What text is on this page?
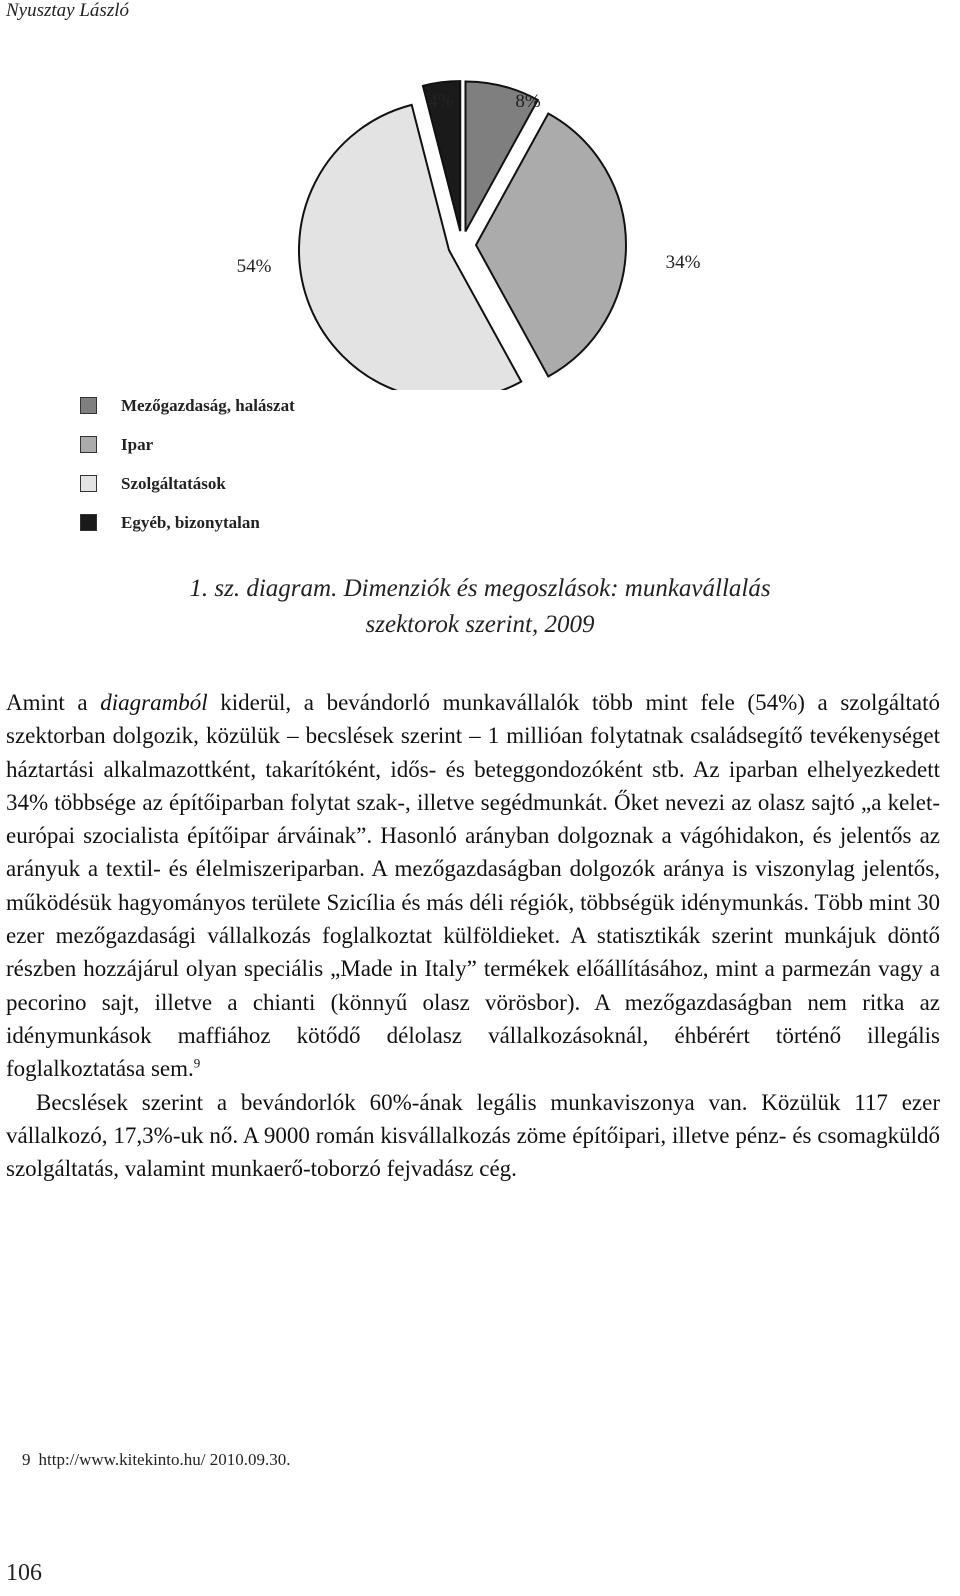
Nyusztay László
8%
34%
54%
4%
Mezőgazdaság, halászat
Ipar
Szolgáltatások
Egyéb, bizonytalan
1. sz. diagram. Dimenziók és megoszlások: munkavállalás
szektorok szerint, 2009

Amint a diagramból kiderül, a bevándorló munkavállalók több mint fele (54%) a szolgáltató szektorban dolgozik, közülük – becslések szerint – 1 millióan folytatnak családsegítő tevékenységet háztartási alkalmazottként, takarítóként, idős- és beteggondozóként stb. Az iparban elhelyezkedett 34% többsége az építőiparban folytat szak-, illetve segédmunkát. Őket nevezi az olasz sajtó „a kelet-európai szocialista építőipar árváinak”. Hasonló arányban dolgoznak a vágóhidakon, és jelentős az arányuk a textil- és élelmiszeriparban. A mezőgazdaságban dolgozók aránya is viszonylag jelentős, működésük hagyományos területe Szicília és más déli régiók, többségük idénymunkás. Több mint 30 ezer mezőgazdasági vállalkozás foglalkoztat külföldieket. A statisztikák szerint munkájuk döntő részben hozzájárul olyan speciális „Made in Italy” termékek előállításához, mint a parmezán vagy a pecorino sajt, illetve a chianti (könnyű olasz vörösbor). A mezőgazdaságban nem ritka az idénymunkások maffiához kötődő délolasz vállalkozásoknál, éhbérért történő illegális foglalkoztatása sem.$^9$

Becslések szerint a bevándorlók 60%-ának legális munkaviszonya van. Közülük 117 ezer vállalkozó, 17,3%-uk nő. A 9000 román kisvállalkozás zöme építőipari, illetve pénz- és csomagküldő szolgáltatás, valamint munkaerő-toborzó fejvadász cég.

9 http://www.kitekinto.hu/ 2010.09.30.
106
